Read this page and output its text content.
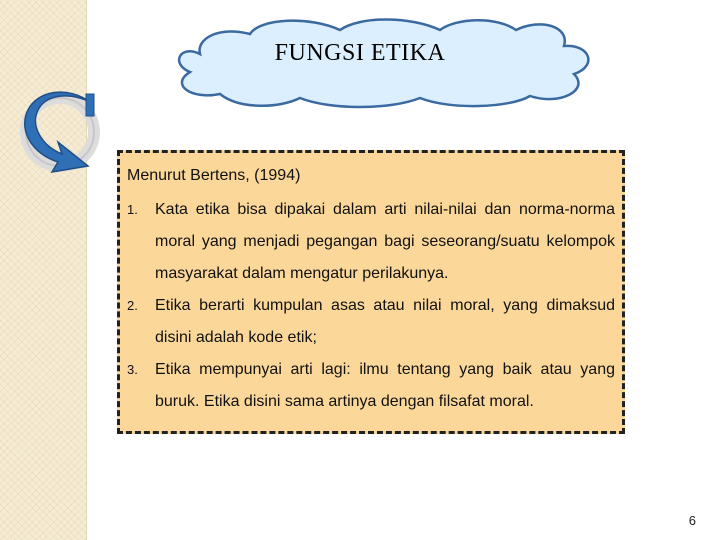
FUNGSI ETIKA
Menurut Bertens, (1994)
1.	Kata etika bisa dipakai dalam arti nilai-nilai dan norma-norma moral yang menjadi pegangan bagi seseorang/suatu kelompok masyarakat dalam mengatur perilakunya.
2.	Etika berarti kumpulan asas atau nilai moral, yang dimaksud disini adalah kode etik;
3.	Etika mempunyai arti lagi: ilmu tentang yang baik atau yang buruk. Etika disini sama artinya dengan filsafat moral.
6
